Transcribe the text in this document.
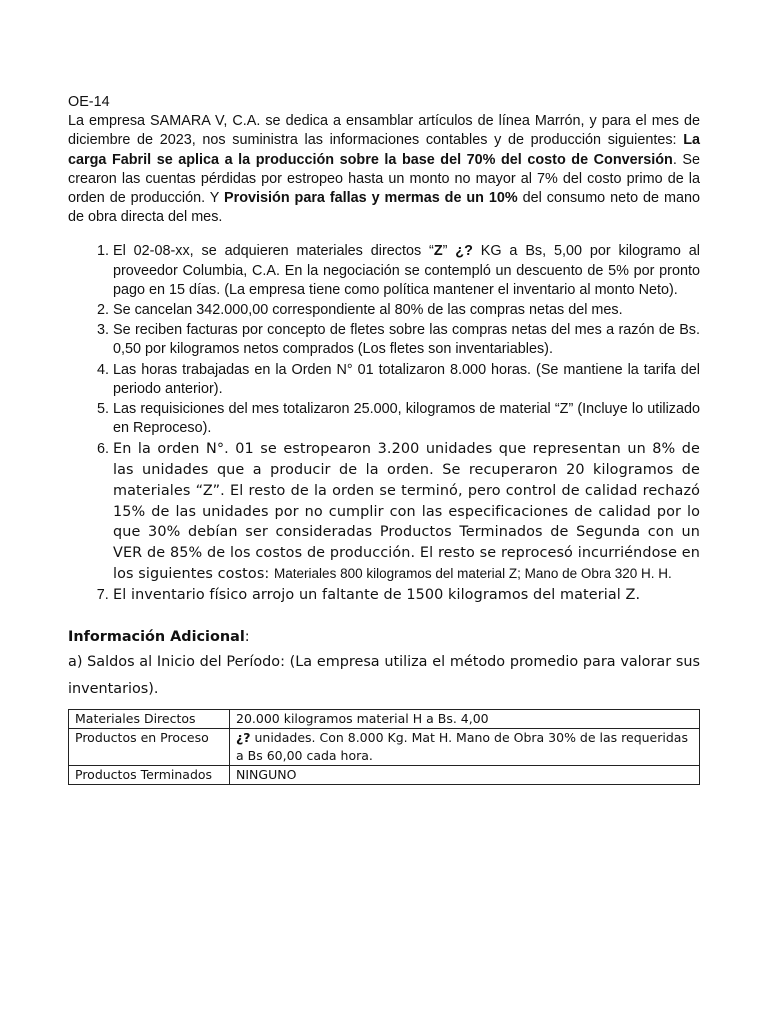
OE-14

La empresa SAMARA V, C.A. se dedica a ensamblar artículos de línea Marrón, y para el mes de diciembre de 2023, nos suministra las informaciones contables y de producción siguientes: La carga Fabril se aplica a la producción sobre la base del 70% del costo de Conversión. Se crearon las cuentas pérdidas por estropeo hasta un monto no mayor al 7% del costo primo de la orden de producción. Y Provisión para fallas y mermas de un 10% del consumo neto de mano de obra directa del mes.

1. El 02-08-xx, se adquieren materiales directos “Z” ¿? KG a Bs, 5,00 por kilogramo al proveedor Columbia, C.A. En la negociación se contempló un descuento de 5% por pronto pago en 15 días. (La empresa tiene como política mantener el inventario al monto Neto).
2. Se cancelan 342.000,00 correspondiente al 80% de las compras netas del mes.
3. Se reciben facturas por concepto de fletes sobre las compras netas del mes a razón de Bs. 0,50 por kilogramos netos comprados (Los fletes son inventariables).
4. Las horas trabajadas en la Orden N° 01 totalizaron 8.000 horas. (Se mantiene la tarifa del periodo anterior).
5. Las requisiciones del mes totalizaron 25.000, kilogramos de material “Z” (Incluye lo utilizado en Reproceso).
6. En la orden N°. 01 se estropearon 3.200 unidades que representan un 8% de las unidades que a producir de la orden. Se recuperaron 20 kilogramos de materiales “Z”. El resto de la orden se terminó, pero control de calidad rechazó 15% de las unidades por no cumplir con las especificaciones de calidad por lo que 30% debían ser consideradas Productos Terminados de Segunda con un VER de 85% de los costos de producción. El resto se reprocesó incurriéndose en los siguientes costos: Materiales 800 kilogramos del material Z; Mano de Obra 320 H. H.
7. El inventario físico arrojo un faltante de 1500 kilogramos del material Z.

Información Adicional:

a) Saldos al Inicio del Período: (La empresa utiliza el método promedio para valorar sus inventarios).

Materiales Directos	20.000 kilogramos material H a Bs. 4,00
Productos en Proceso	¿? unidades. Con 8.000 Kg. Mat H. Mano de Obra 30% de las requeridas a Bs 60,00 cada hora.
Productos Terminados	NINGUNO
